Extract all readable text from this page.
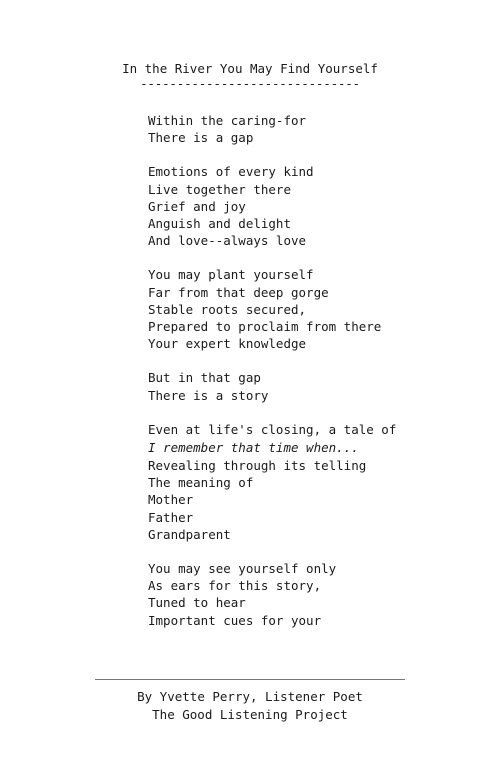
In the River You May Find Yourself
------------------------------
Within the caring-for
There is a gap
Emotions of every kind
Live together there
Grief and joy
Anguish and delight
And love--always love
You may plant yourself
Far from that deep gorge
Stable roots secured,
Prepared to proclaim from there
Your expert knowledge
But in that gap
There is a story
Even at life's closing, a tale of
I remember that time when...
Revealing through its telling
The meaning of
Mother
Father
Grandparent
You may see yourself only
As ears for this story,
Tuned to hear
Important cues for your
By Yvette Perry, Listener Poet
The Good Listening Project
